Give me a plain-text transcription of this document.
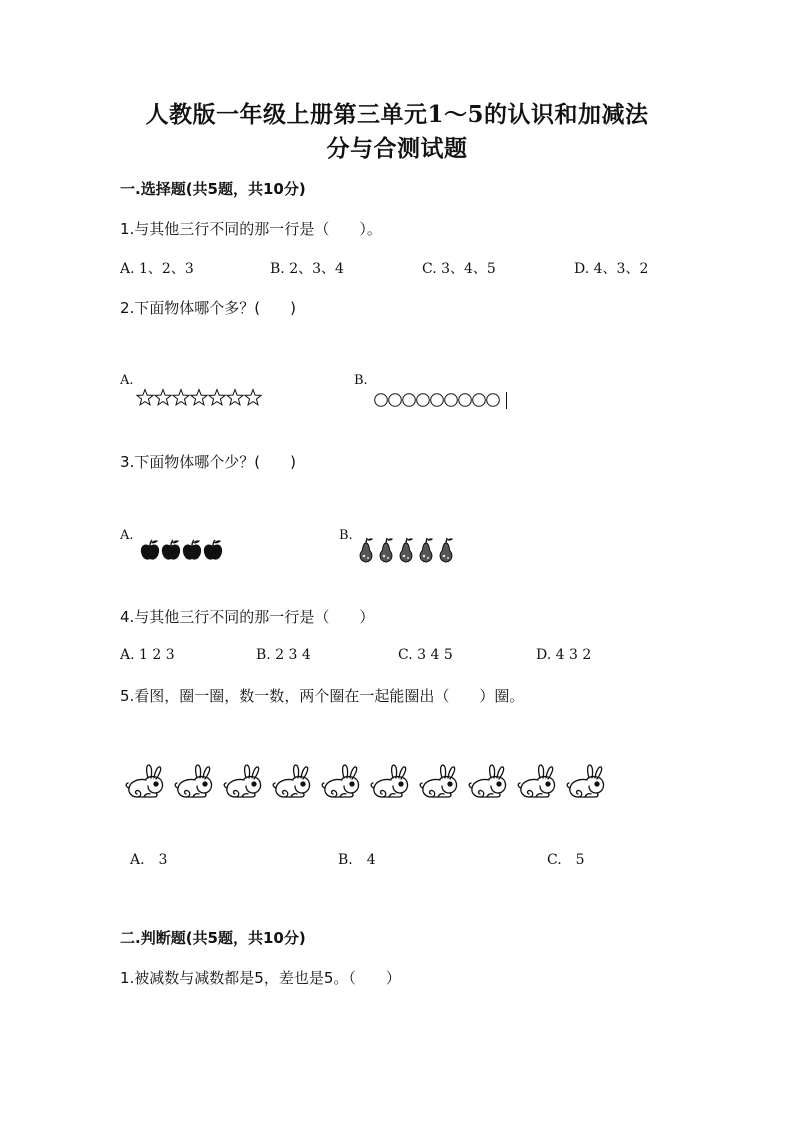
人教版一年级上册第三单元1～5的认识和加减法
分与合测试题
一.选择题(共5题，共10分)
1.与其他三行不同的那一行是（　　）。
A. 1、2、3	B. 2、3、4	C. 3、4、5	D. 4、3、2
2.下面物体哪个多？(　　)
A.	B.
3.下面物体哪个少？(　　)
A.	B.
4.与其他三行不同的那一行是（　　）
A. 1 2 3	B. 2 3 4	C. 3 4 5	D. 4 3 2
5.看图，圈一圈，数一数，两个圈在一起能圈出（　　）圈。
A.　3	B.　4	C.　5
二.判断题(共5题，共10分)
1.被减数与减数都是5，差也是5。（　　）
